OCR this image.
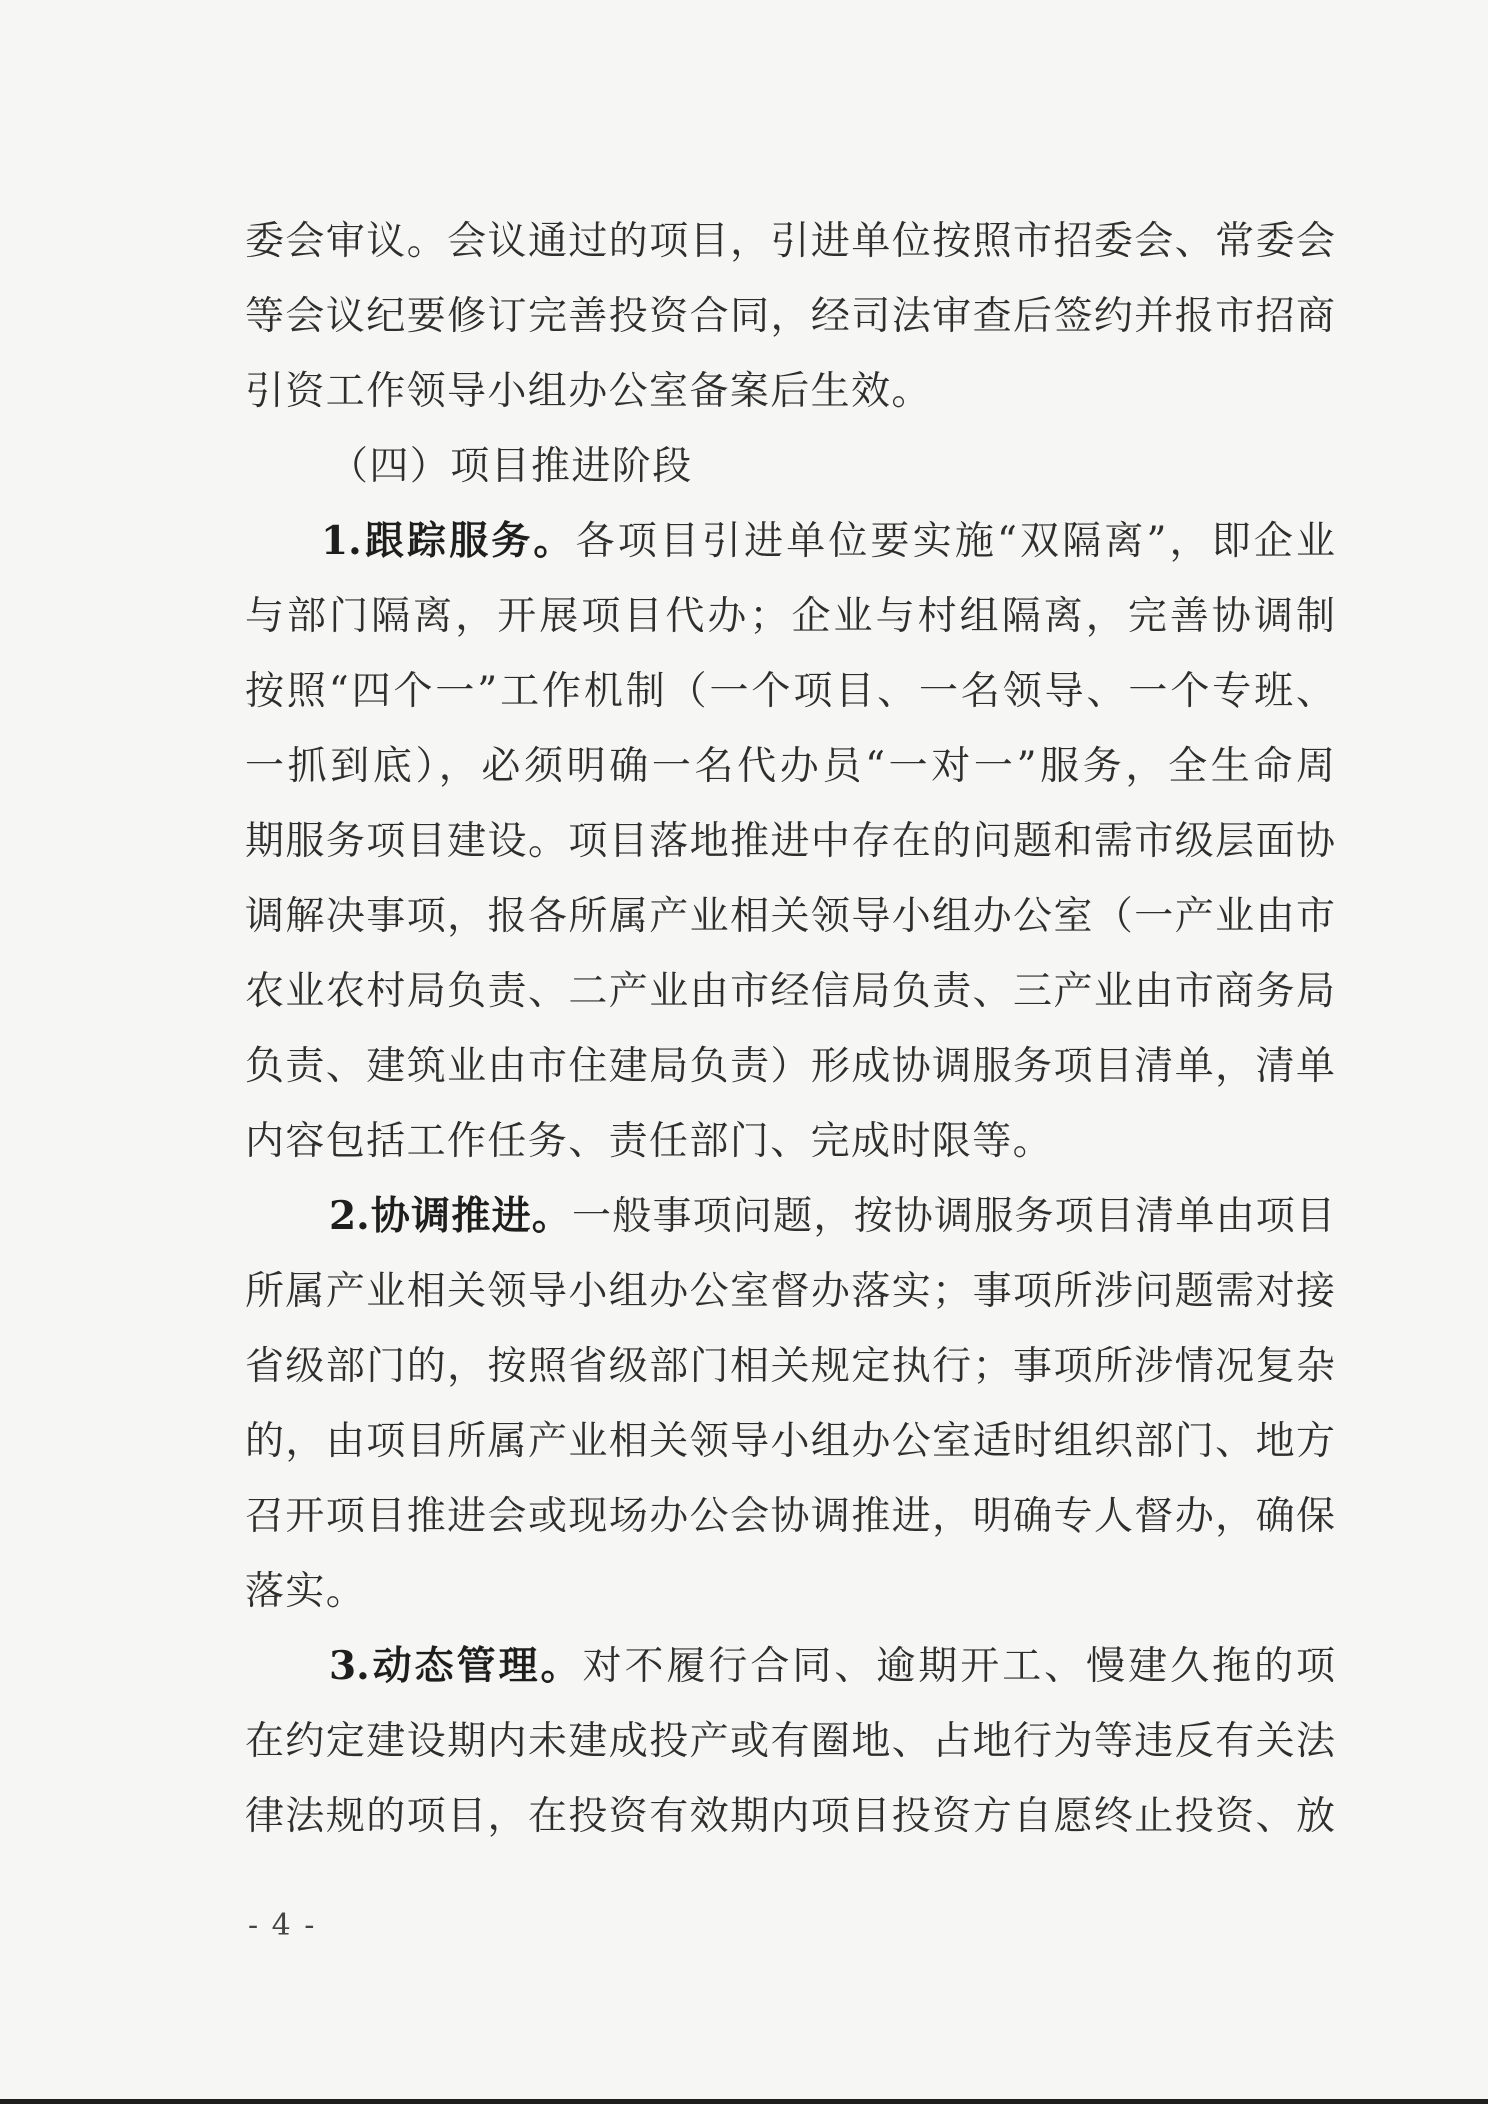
委会审议。会议通过的项目，引进单位按照市招委会、常委会
等会议纪要修订完善投资合同，经司法审查后签约并报市招商
引资工作领导小组办公室备案后生效。
（四）项目推进阶段
1.跟踪服务。各项目引进单位要实施“双隔离”，即企业
与部门隔离，开展项目代办；企业与村组隔离，完善协调制
按照“四个一”工作机制（一个项目、一名领导、一个专班、
一抓到底），必须明确一名代办员“一对一”服务，全生命周
期服务项目建设。项目落地推进中存在的问题和需市级层面协
调解决事项，报各所属产业相关领导小组办公室（一产业由市
农业农村局负责、二产业由市经信局负责、三产业由市商务局
负责、建筑业由市住建局负责）形成协调服务项目清单，清单
内容包括工作任务、责任部门、完成时限等。
2.协调推进。一般事项问题，按协调服务项目清单由项目
所属产业相关领导小组办公室督办落实；事项所涉问题需对接
省级部门的，按照省级部门相关规定执行；事项所涉情况复杂
的，由项目所属产业相关领导小组办公室适时组织部门、地方
召开项目推进会或现场办公会协调推进，明确专人督办，确保
落实。
3.动态管理。对不履行合同、逾期开工、慢建久拖的项
在约定建设期内未建成投产或有圈地、占地行为等违反有关法
律法规的项目，在投资有效期内项目投资方自愿终止投资、放
- 4 -
